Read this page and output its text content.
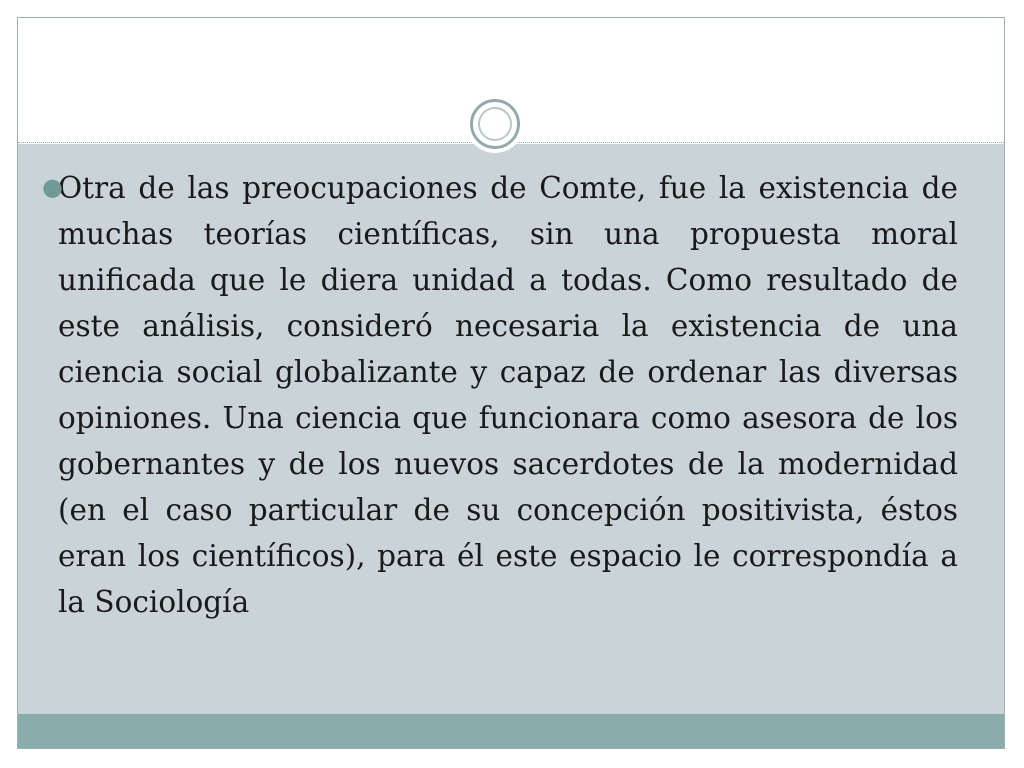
●
Otra de las preocupaciones de Comte, fue la existencia de muchas teorías científicas, sin una propuesta moral unificada que le diera unidad a todas. Como resultado de este análisis, consideró necesaria la existencia de una ciencia social globalizante y capaz de ordenar las diversas opiniones. Una ciencia que funcionara como asesora de los gobernantes y de los nuevos sacerdotes de la modernidad (en el caso particular de su concepción positivista, éstos eran los científicos), para él este espacio le correspondía a la Sociología
